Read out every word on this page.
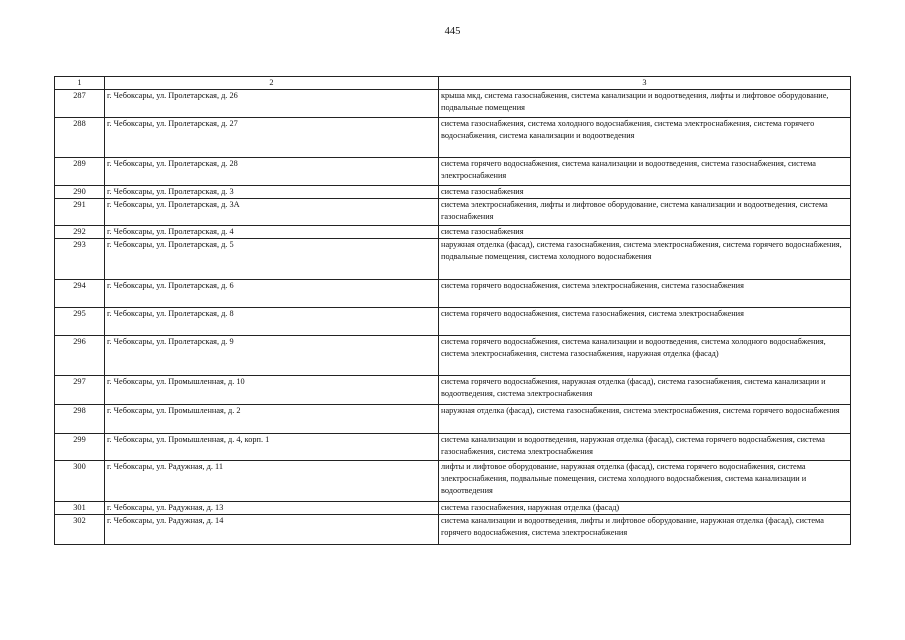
445
1	2	3
287	г. Чебоксары, ул. Пролетарская, д. 26	крыша мкд, система газоснабжения, система канализации и водоотведения, лифты и лифтовое оборудование, подвальные помещения
288	г. Чебоксары, ул. Пролетарская, д. 27	система газоснабжения, система холодного водоснабжения, система электроснабжения, система горячего водоснабжения, система канализации и водоотведения
289	г. Чебоксары, ул. Пролетарская, д. 28	система горячего водоснабжения, система канализации и водоотведения, система газоснабжения, система электроснабжения
290	г. Чебоксары, ул. Пролетарская, д. 3	система газоснабжения
291	г. Чебоксары, ул. Пролетарская, д. 3А	система электроснабжения, лифты и лифтовое оборудование, система канализации и водоотведения, система газоснабжения
292	г. Чебоксары, ул. Пролетарская, д. 4	система газоснабжения
293	г. Чебоксары, ул. Пролетарская, д. 5	наружная отделка (фасад), система газоснабжения, система электроснабжения, система горячего водоснабжения, подвальные помещения, система холодного водоснабжения
294	г. Чебоксары, ул. Пролетарская, д. 6	система горячего водоснабжения, система электроснабжения, система газоснабжения
295	г. Чебоксары, ул. Пролетарская, д. 8	система горячего водоснабжения, система газоснабжения, система электроснабжения
296	г. Чебоксары, ул. Пролетарская, д. 9	система горячего водоснабжения, система канализации и водоотведения, система холодного водоснабжения, система электроснабжения, система газоснабжения, наружная отделка (фасад)
297	г. Чебоксары, ул. Промышленная, д. 10	система горячего водоснабжения, наружная отделка (фасад), система газоснабжения, система канализации и водоотведения, система электроснабжения
298	г. Чебоксары, ул. Промышленная, д. 2	наружная отделка (фасад), система газоснабжения, система электроснабжения, система горячего водоснабжения
299	г. Чебоксары, ул. Промышленная, д. 4, корп. 1	система канализации и водоотведения, наружная отделка (фасад), система горячего водоснабжения, система газоснабжения, система электроснабжения
300	г. Чебоксары, ул. Радужная, д. 11	лифты и лифтовое оборудование, наружная отделка (фасад), система горячего водоснабжения, система электроснабжения, подвальные помещения, система холодного водоснабжения, система канализации и водоотведения
301	г. Чебоксары, ул. Радужная, д. 13	система газоснабжения, наружная отделка (фасад)
302	г. Чебоксары, ул. Радужная, д. 14	система канализации и водоотведения, лифты и лифтовое оборудование, наружная отделка (фасад), система горячего водоснабжения, система электроснабжения
